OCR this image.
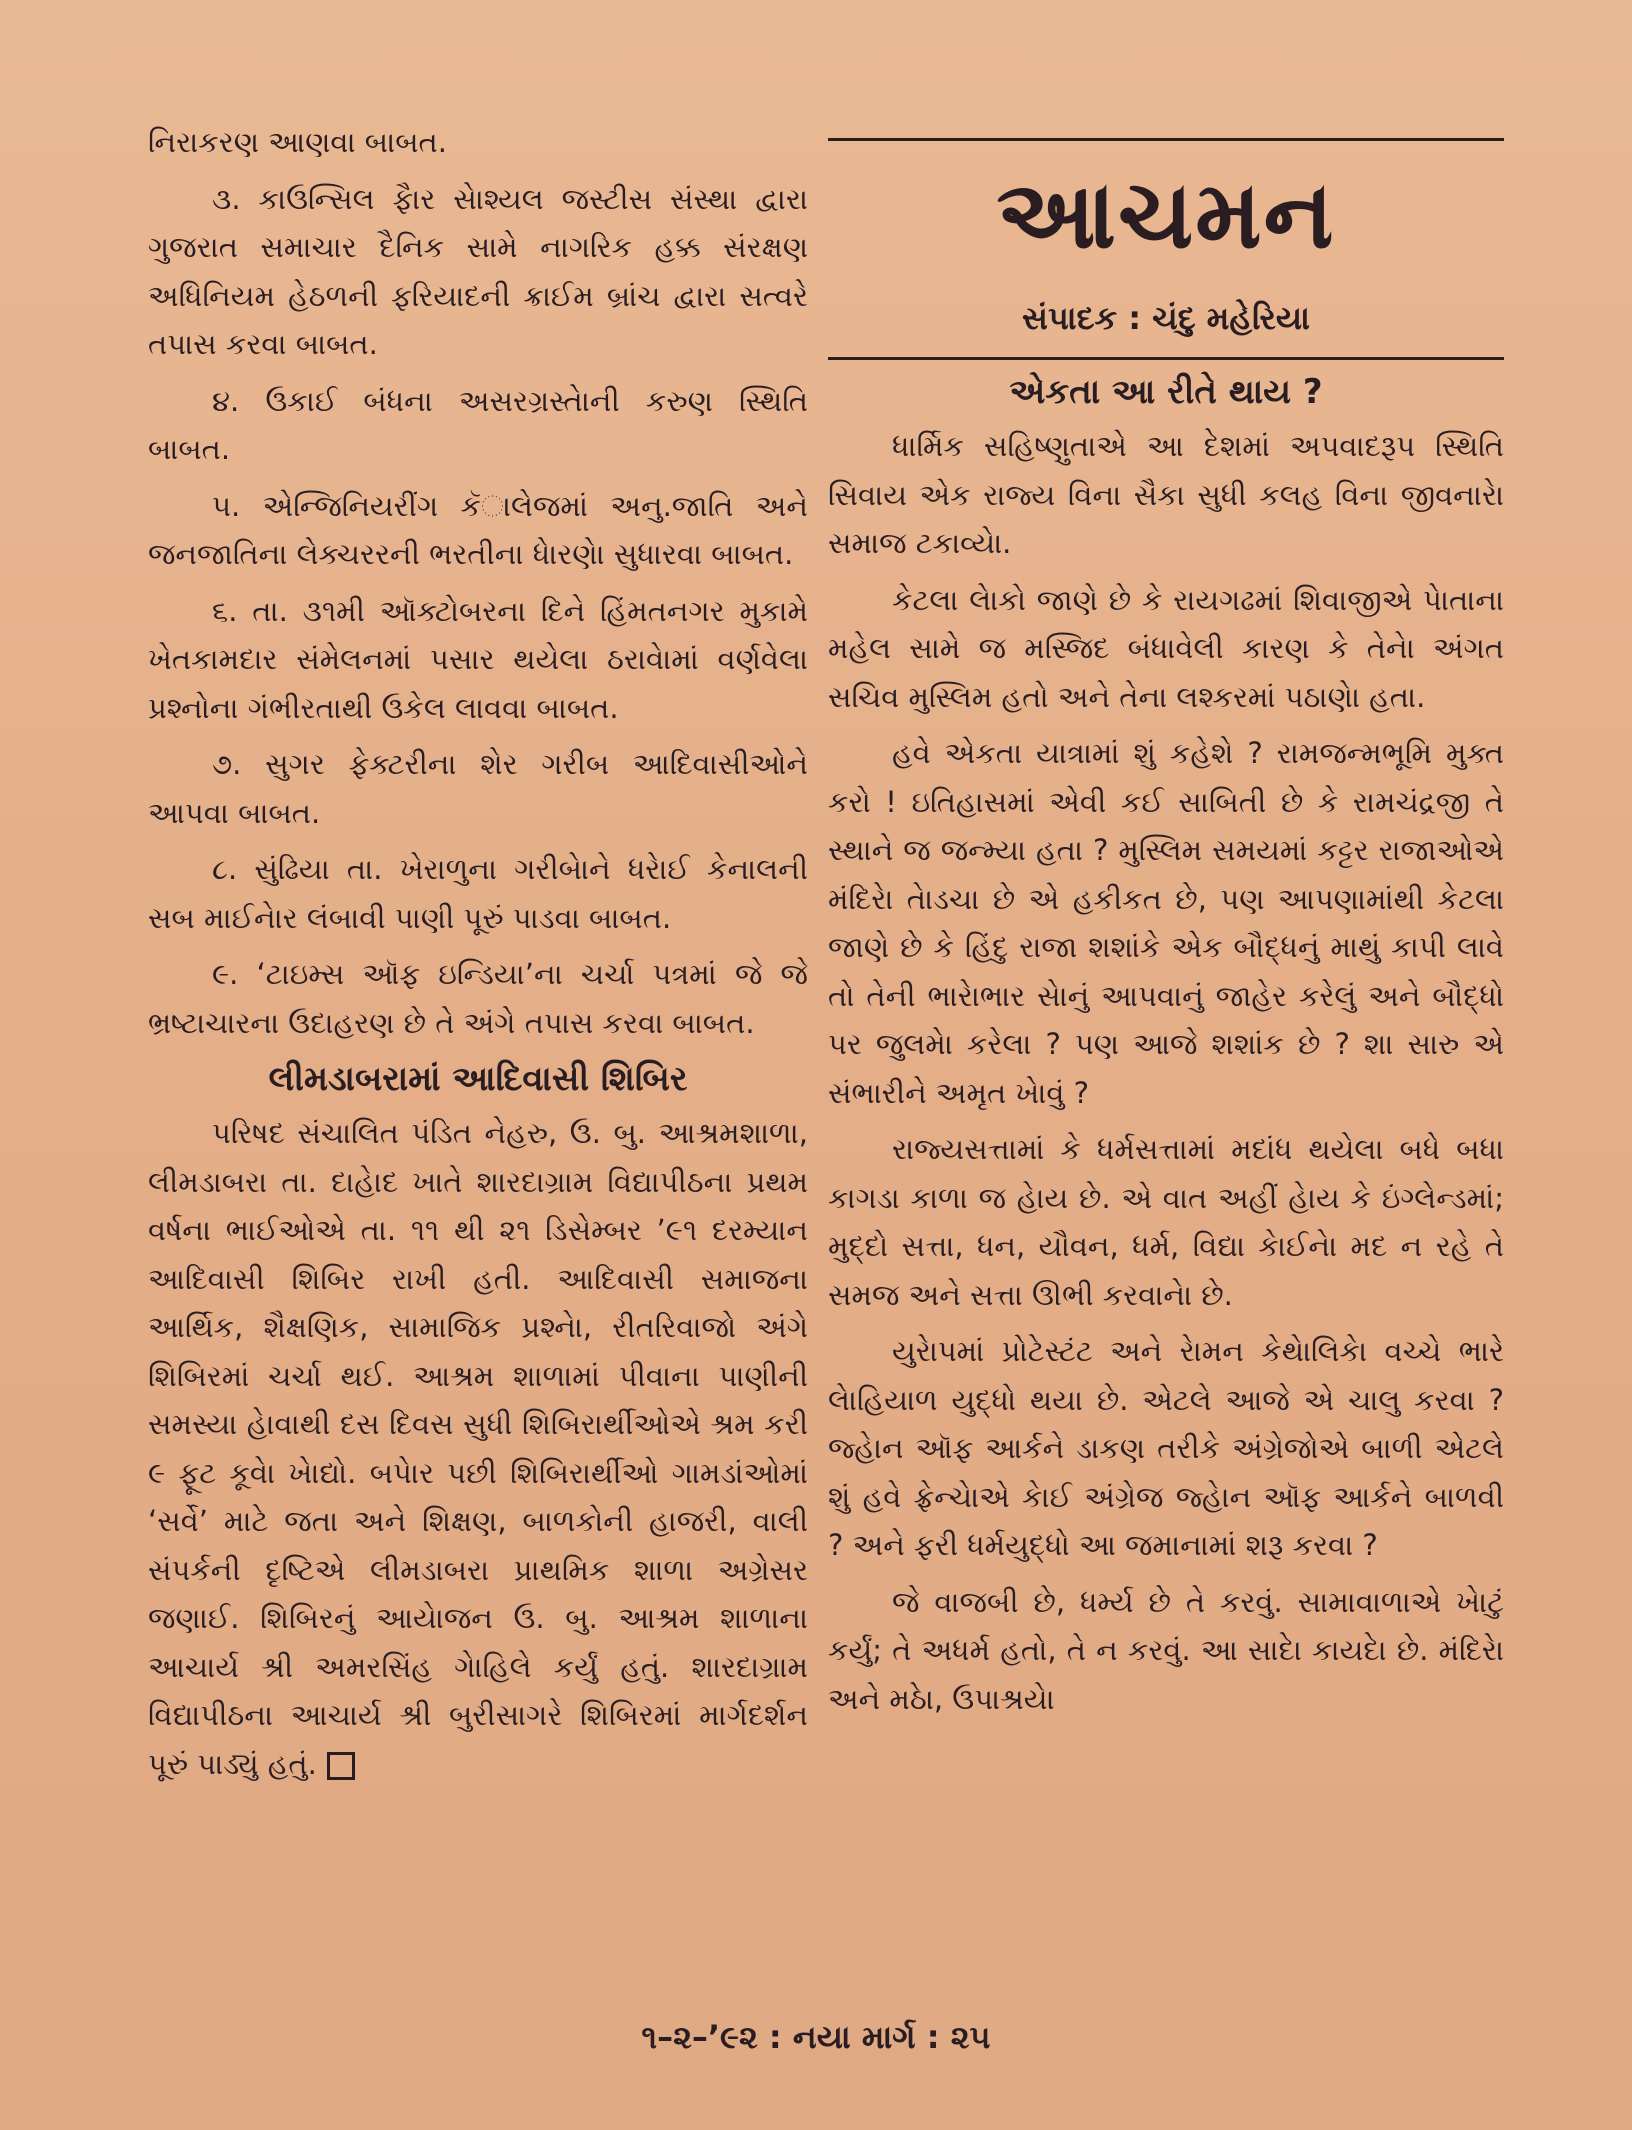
નિરાકરણ આણવા બાબત.

૩. કાઉન્સિલ ફૈાર સેાશ્યલ જસ્ટીસ સંસ્થા દ્વારા ગુજરાત સમાચાર દૈનિક સામે નાગરિક હક્ક સંરક્ષણ અધિનિયમ હેઠળની ફરિયાદની ક્રાઈમ બ્રાંચ દ્વારા સત્વરે તપાસ કરવા બાબત.

૪. ઉકાઈ બંધના અસરગ્રસ્તેાની કરુણ સ્થિતિ બાબત.

૫. એન્જિનિયરીંગ કૅાલેજમાં અનુ.જાતિ અને જનજાતિના લેક્ચરરની ભરતીના ધેારણેા સુધારવા બાબત.

૬. તા. ૩૧મી ઑક્ટોબરના દિને હિંમતનગર મુકામે ખેતકામદાર સંમેલનમાં પસાર થયેલા ઠરાવેામાં વર્ણવેલા પ્રશ્નોના ગંભીરતાથી ઉકેલ લાવવા બાબત.

૭. સુગર ફેક્ટરીના શેર ગરીબ આદિવાસીઓને આપવા બાબત.

૮. સુંઢિયા તા. ખેરાળુના ગરીબેાને ધરેાઈ કેનાલની સબ માઈનેાર લંબાવી પાણી પૂરું પાડવા બાબત.

૯. ‘ટાઇમ્સ ઑફ ઇન્ડિયા’ના ચર્ચા પત્રમાં જે જે ભ્રષ્ટાચારના ઉદાહરણ છે તે અંગે તપાસ કરવા બાબત.

લીમડાબરામાં આદિવાસી શિબિર

પરિષદ સંચાલિત પંડિત નેહરુ, ઉ. બુ. આશ્રમશાળા, લીમડાબરા તા. દાહેાદ ખાતે શારદાગ્રામ વિદ્યાપીઠના પ્રથમ વર્ષના ભાઈઓએ તા. ૧૧ થી ૨૧ ડિસેમ્બર ’૯૧ દરમ્યાન આદિવાસી શિબિર રાખી હતી. આદિવાસી સમાજના આર્થિક, શૈક્ષણિક, સામાજિક પ્રશ્નેા, રીતરિવાજો અંગે શિબિરમાં ચર્ચા થઈ. આશ્રમ શાળામાં પીવાના પાણીની સમસ્યા હેાવાથી દસ દિવસ સુધી શિબિરાર્થીઓએ શ્રમ કરી ૯ ફૂટ કૂવેા ખેાદ્યો. બપેાર પછી શિબિરાર્થીઓ ગામડાંઓમાં ‘સર્વે’ માટે જતા અને શિક્ષણ, બાળકોની હાજરી, વાલી સંપર્કની દૃષ્ટિએ લીમડાબરા પ્રાથમિક શાળા અગ્રેસર જણાઈ. શિબિરનું આયેાજન ઉ. બુ. આશ્રમ શાળાના આચાર્ય શ્રી અમરસિંહ ગેાહિલે કર્યું હતું. શારદાગ્રામ વિદ્યાપીઠના આચાર્ય શ્રી બુરીસાગરે શિબિરમાં માર્ગદર્શન પૂરું પાડ્યું હતું.

આચમન
સંપાદક : ચંદુ મહેરિયા
એકતા આ રીતે થાય ?

ધાર્મિક સહિષ્ણુતાએ આ દેશમાં અપવાદરૂપ સ્થિતિ સિવાય એક રાજ્ય વિના સૈકા સુધી કલહ વિના જીવનારેા સમાજ ટકાવ્યેા.

કેટલા લેાકો જાણે છે કે રાયગઢમાં શિવાજીએ પેાતાના મહેલ સામે જ મસ્જિદ બંધાવેલી કારણ કે તેનેા અંગત સચિવ મુસ્લિમ હતો અને તેના લશ્કરમાં પઠાણેા હતા.

હવે એકતા યાત્રામાં શું કહેશે ? રામજન્મભૂમિ મુક્ત કરો ! ઇતિહાસમાં એવી કઈ સાબિતી છે કે રામચંદ્રજી તે સ્થાને જ જન્મ્યા હતા ? મુસ્લિમ સમયમાં કટ્ટર રાજાઓએ મંદિરેા તેાડચા છે એ હકીકત છે, પણ આપણામાંથી કેટલા જાણે છે કે હિંદુ રાજા શશાંકે એક બૌદ્ધનું માથું કાપી લાવે તો તેની ભારેાભાર સેાનું આપવાનું જાહેર કરેલું અને બૌદ્ધો પર જુલમેા કરેલા ? પણ આજે શશાંક છે ? શા સારુ એ સંભારીને અમૃત ખેાવું ?

રાજ્યસત્તામાં કે ધર્મસત્તામાં મદાંધ થયેલા બધે બધા કાગડા કાળા જ હેાય છે. એ વાત અહીં હેાય કે ઇંગ્લેન્ડમાં; મુદ્દો સત્તા, ધન, યૌવન, ધર્મ, વિદ્યા કેાઈનેા મદ ન રહે તે સમજ અને સત્તા ઊભી કરવાનેા છે.

યુરેાપમાં પ્રોટેસ્ટંટ અને રેામન કેથેાલિકેા વચ્ચે ભારે લેાહિયાળ યુદ્ધો થયા છે. એટલે આજે એ ચાલુ કરવા ? જ્હેાન ઑફ આર્કને ડાકણ તરીકે અંગ્રેજોએ બાળી એટલે શું હવે ફ્રેન્ચેાએ કેાઈ અંગ્રેજ જ્હેાન ઑફ આર્કને બાળવી ? અને ફરી ધર્મયુદ્ધો આ જમાનામાં શરૂ કરવા ?

જે વાજબી છે, ધર્મ્ય છે તે કરવું. સામાવાળાએ ખેાટું કર્યું; તે અધર્મ હતો, તે ન કરવું. આ સાદેા કાયદેા છે. મંદિરેા અને મઠેા, ઉપાશ્રયેા

૧–૨–’૯૨ : નયા માર્ગ : ૨૫
